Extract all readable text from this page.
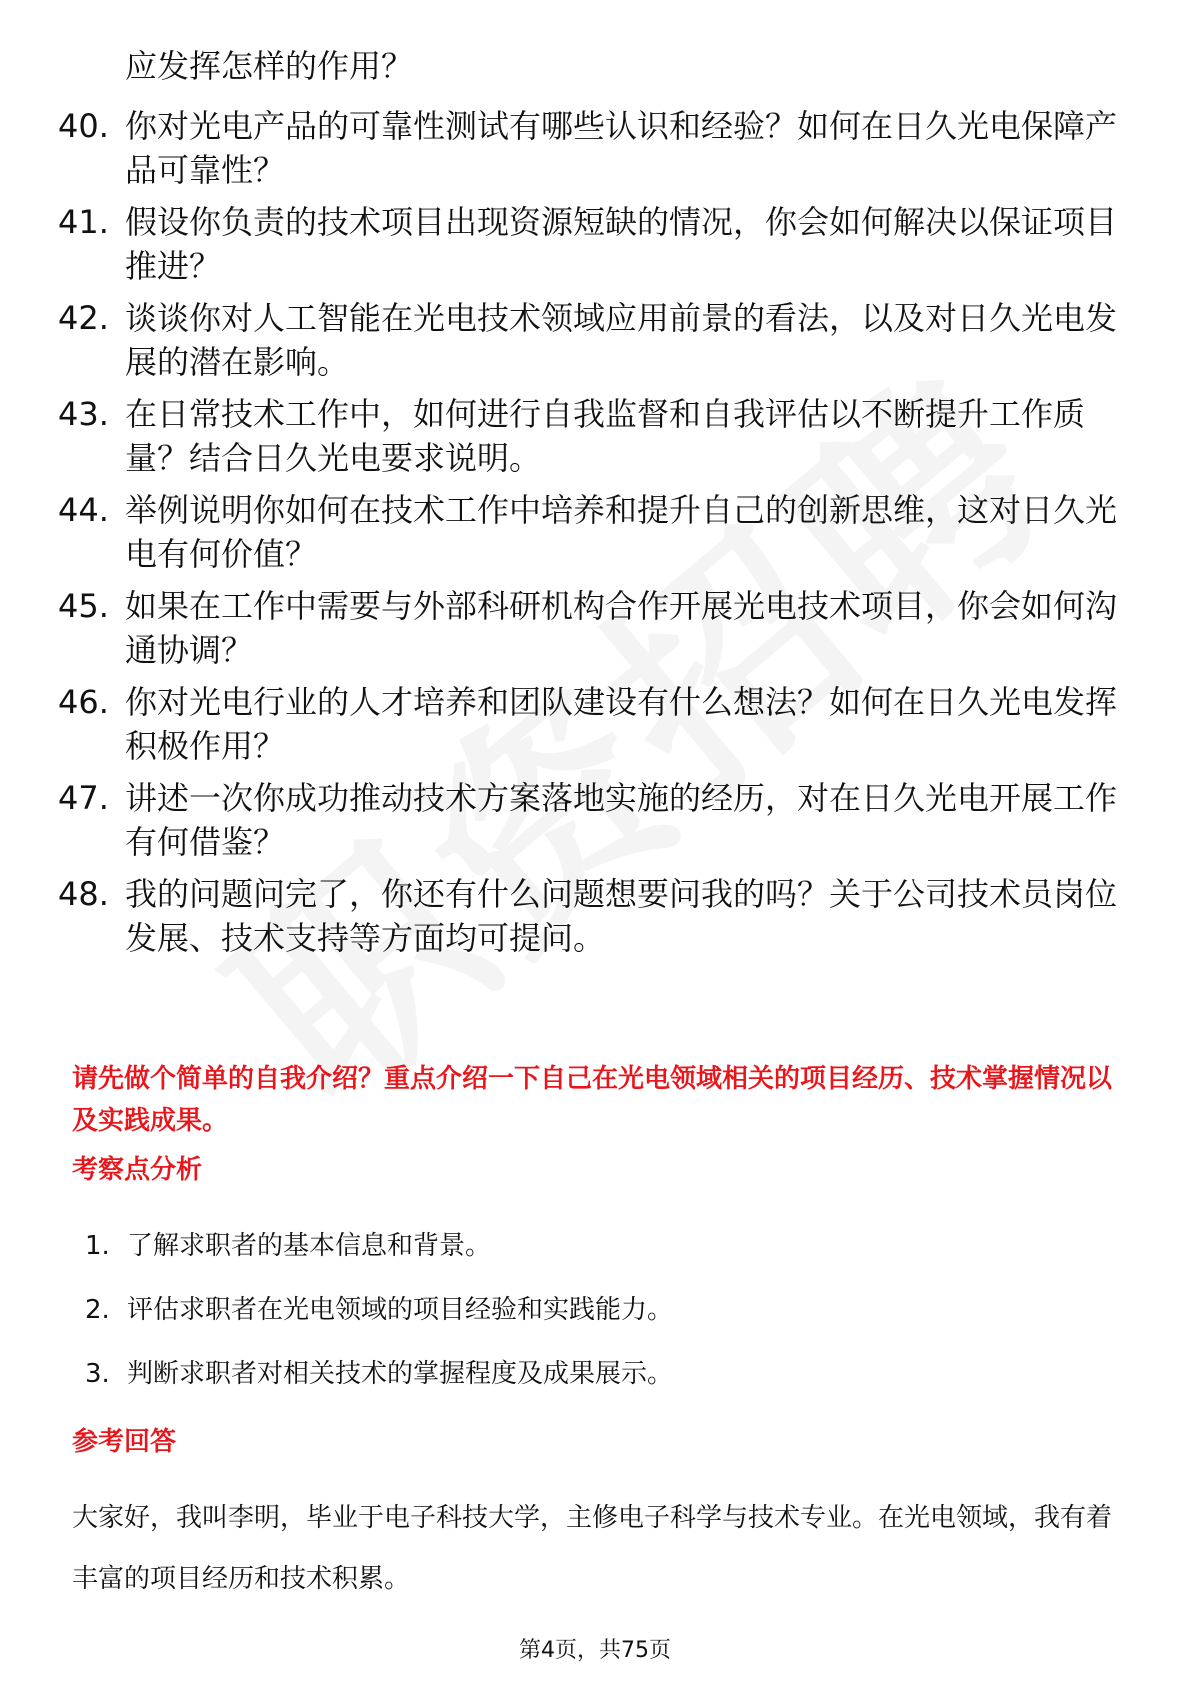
应发挥怎样的作用？
40. 你对光电产品的可靠性测试有哪些认识和经验？如何在日久光电保障产品可靠性？
41. 假设你负责的技术项目出现资源短缺的情况，你会如何解决以保证项目推进？
42. 谈谈你对人工智能在光电技术领域应用前景的看法，以及对日久光电发展的潜在影响。
43. 在日常技术工作中，如何进行自我监督和自我评估以不断提升工作质量？结合日久光电要求说明。
44. 举例说明你如何在技术工作中培养和提升自己的创新思维，这对日久光电有何价值？
45. 如果在工作中需要与外部科研机构合作开展光电技术项目，你会如何沟通协调？
46. 你对光电行业的人才培养和团队建设有什么想法？如何在日久光电发挥积极作用？
47. 讲述一次你成功推动技术方案落地实施的经历，对在日久光电开展工作有何借鉴？
48. 我的问题问完了，你还有什么问题想要问我的吗？关于公司技术员岗位发展、技术支持等方面均可提问。
请先做个简单的自我介绍？重点介绍一下自己在光电领域相关的项目经历、技术掌握情况以及实践成果。
考察点分析
1. 了解求职者的基本信息和背景。
2. 评估求职者在光电领域的项目经验和实践能力。
3. 判断求职者对相关技术的掌握程度及成果展示。
参考回答
大家好，我叫李明，毕业于电子科技大学，主修电子科学与技术专业。在光电领域，我有着丰富的项目经历和技术积累。
第4页，共75页
